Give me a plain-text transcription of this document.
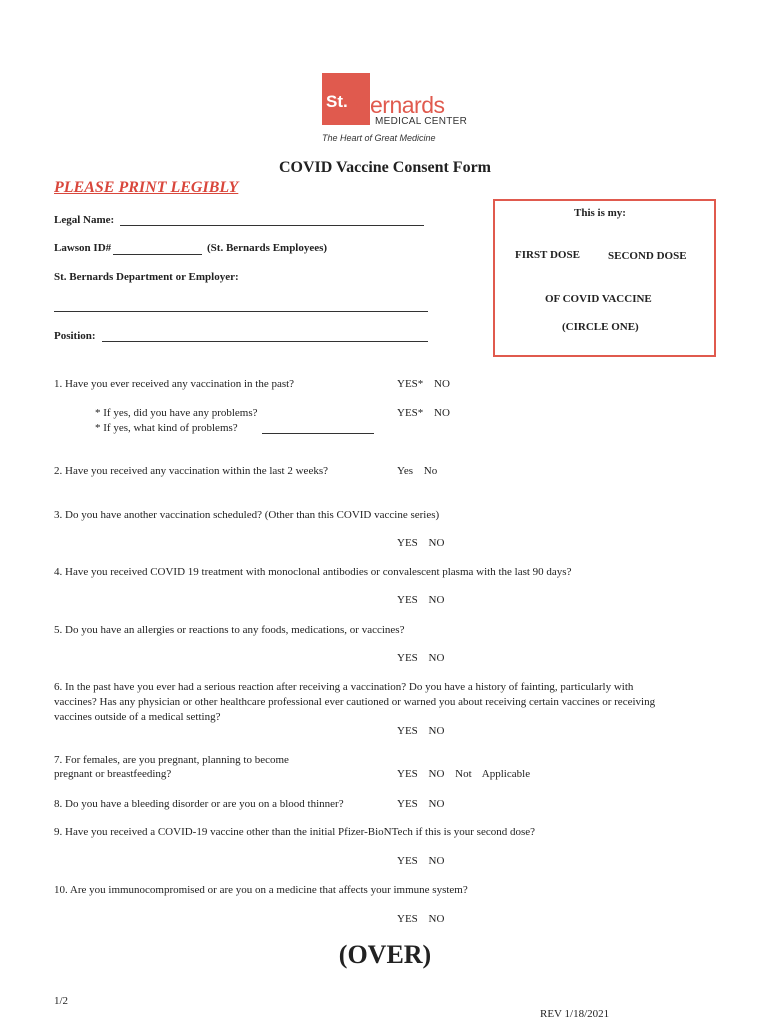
St. ernards
MEDICAL CENTER
The Heart of Great Medicine
COVID Vaccine Consent Form
PLEASE PRINT LEGIBLY
Legal Name:
Lawson ID#	(St. Bernards Employees)
St. Bernards Department or Employer:
Position:
This is my:
FIRST DOSE	SECOND DOSE
OF COVID VACCINE
(CIRCLE ONE)
1. Have you ever received any vaccination in the past?	YES* NO
* If yes, did you have any problems?	YES* NO
* If yes, what kind of problems?
2. Have you received any vaccination within the last 2 weeks?	Yes No
3. Do you have another vaccination scheduled? (Other than this COVID vaccine series)
YES NO
4. Have you received COVID 19 treatment with monoclonal antibodies or convalescent plasma with the last 90 days?
YES NO
5. Do you have an allergies or reactions to any foods, medications, or vaccines?
YES NO
6. In the past have you ever had a serious reaction after receiving a vaccination? Do you have a history of fainting, particularly with
vaccines? Has any physician or other healthcare professional ever cautioned or warned you about receiving certain vaccines or receiving
vaccines outside of a medical setting?
YES NO
7. For females, are you pregnant, planning to become
pregnant or breastfeeding?	YES NO Not Applicable
8. Do you have a bleeding disorder or are you on a blood thinner?	YES NO
9. Have you received a COVID-19 vaccine other than the initial Pfizer-BioNTech if this is your second dose?
YES NO
10. Are you immunocompromised or are you on a medicine that affects your immune system?
YES NO
(OVER)
1/2
REV 1/18/2021
